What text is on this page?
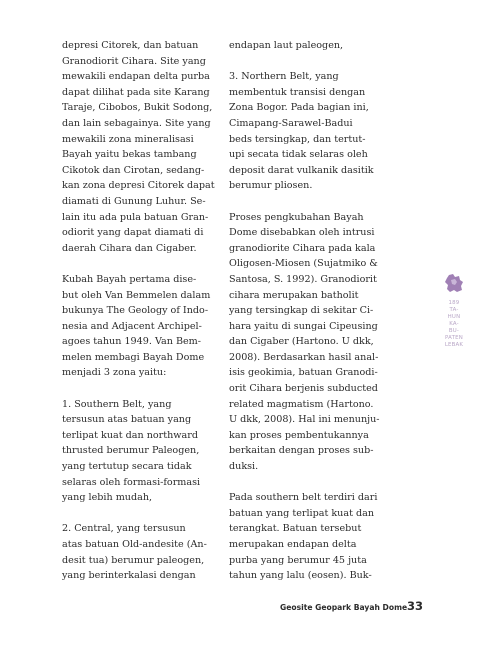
depresi Citorek, dan batuan
Granodiorit Cihara. Site yang
mewakili endapan delta purba
dapat dilihat pada site Karang
Taraje, Cibobos, Bukit Sodong,
dan lain sebagainya. Site yang
mewakili zona mineralisasi
Bayah yaitu bekas tambang
Cikotok dan Cirotan, sedang-
kan zona depresi Citorek dapat
diamati di Gunung Luhur. Se-
lain itu ada pula batuan Gran-
odiorit yang dapat diamati di
daerah Cihara dan Cigaber.
Kubah Bayah pertama dise-
but oleh Van Bemmelen dalam
bukunya The Geology of Indo-
nesia and Adjacent Archipel-
agoes tahun 1949. Van Bem-
melen membagi Bayah Dome
menjadi 3 zona yaitu:
1. Southern Belt, yang
tersusun atas batuan yang
terlipat kuat dan northward
thrusted berumur Paleogen,
yang tertutup secara tidak
selaras oleh formasi-formasi
yang lebih mudah,
2. Central, yang tersusun
atas batuan Old-andesite (An-
desit tua) berumur paleogen,
yang berinterkalasi dengan
endapan laut paleogen,
3. Northern Belt, yang
membentuk transisi dengan
Zona Bogor. Pada bagian ini,
Cimapang-Sarawel-Badui
beds tersingkap, dan tertut-
upi secata tidak selaras oleh
deposit darat vulkanik dasitik
berumur pliosen.
Proses pengkubahan Bayah
Dome disebabkan oleh intrusi
granodiorite Cihara pada kala
Oligosen-Miosen (Sujatmiko &
Santosa, S. 1992). Granodiorit
cihara merupakan batholit
yang tersingkap di sekitar Ci-
hara yaitu di sungai Cipeusing
dan Cigaber (Hartono. U dkk,
2008). Berdasarkan hasil anal-
isis geokimia, batuan Granodi-
orit Cihara berjenis subducted
related magmatism (Hartono.
U dkk, 2008). Hal ini menunju-
kan proses pembentukannya
berkaitan dengan proses sub-
duksi.
Pada southern belt terdiri dari
batuan yang terlipat kuat dan
terangkat. Batuan tersebut
merupakan endapan delta
purba yang berumur 45 juta
tahun yang lalu (eosen). Buk-
189
TA-
HUN
KA-
BU-
PATEN
LEBAK
Geosite Geopark Bayah Dome 33
